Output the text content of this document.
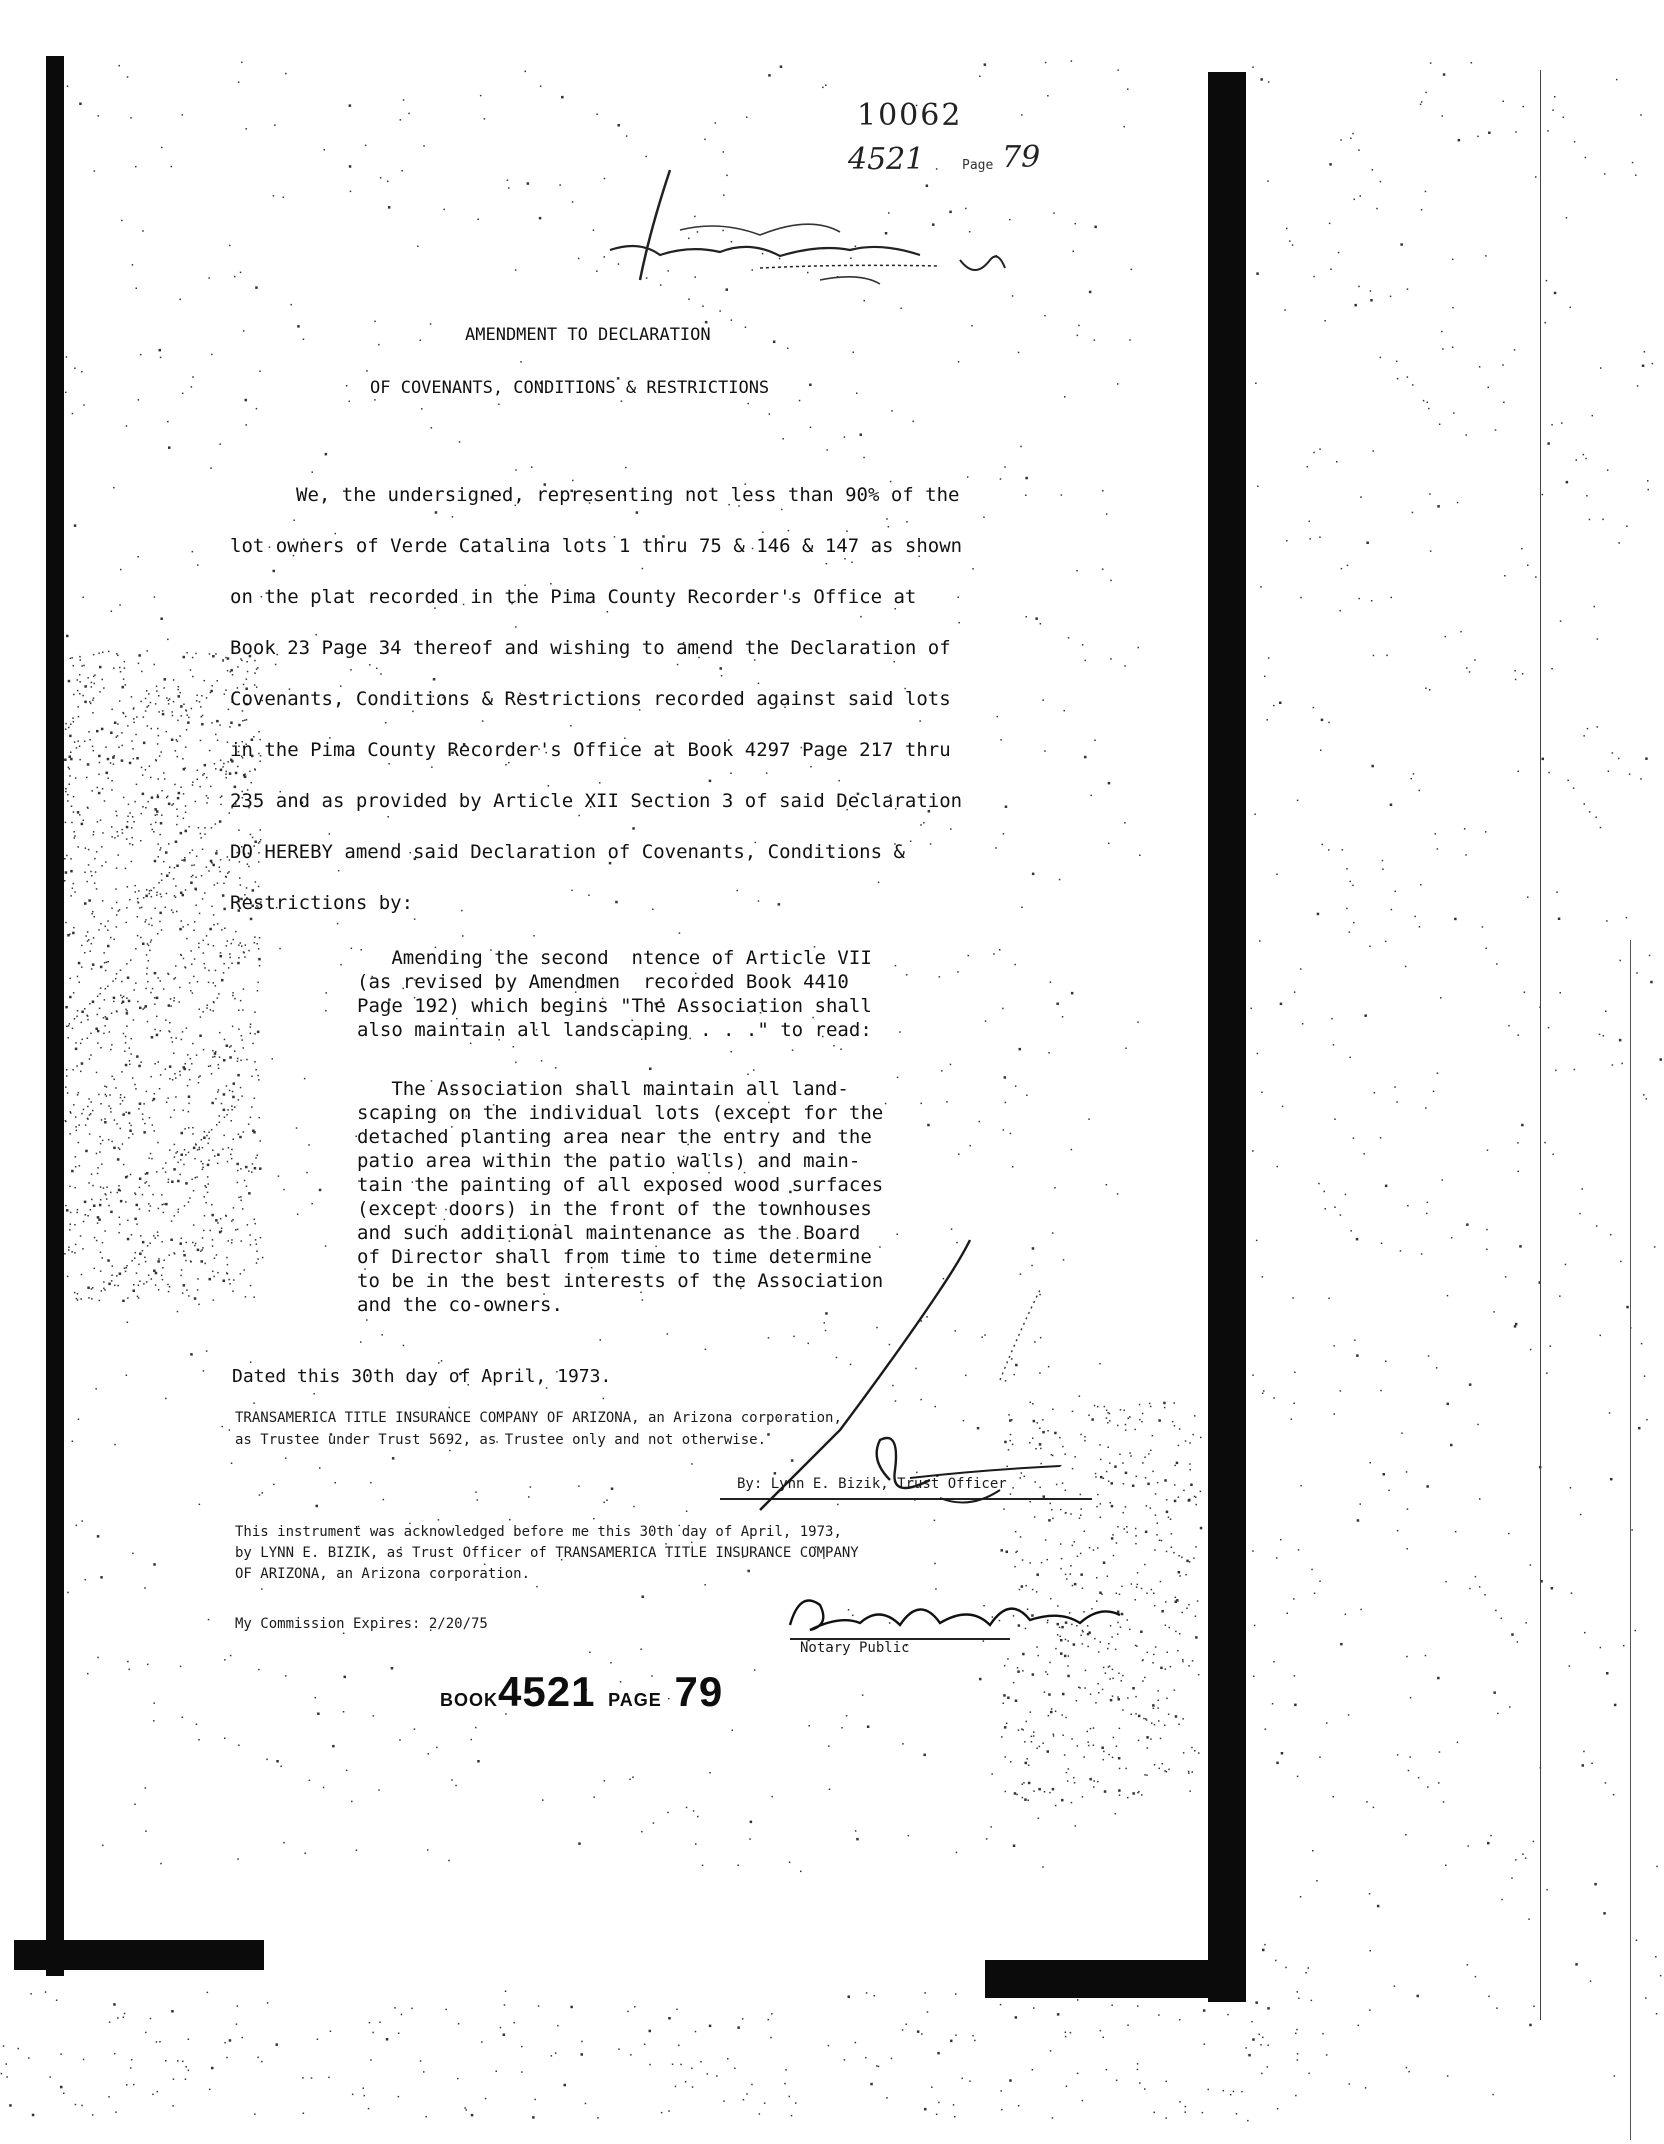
10062
4521	Page 79
AMENDMENT TO DECLARATION
OF COVENANTS, CONDITIONS & RESTRICTIONS
We, the undersigned, representing not less than 90% of the
lot owners of Verde Catalina lots 1 thru 75 & 146 & 147 as shown
on the plat recorded in the Pima County Recorder's Office at
Book 23 Page 34 thereof and wishing to amend the Declaration of
Covenants, Conditions & Restrictions recorded against said lots
in the Pima County Recorder's Office at Book 4297 Page 217 thru
235 and as provided by Article XII Section 3 of said Declaration
DO HEREBY amend said Declaration of Covenants, Conditions &
Restrictions by:
Amending the second  ntence of Article VII
(as revised by Amendmen  recorded Book 4410
Page 192) which begins "The Association shall
also maintain all landscaping . . ." to read:
The Association shall maintain all land-
scaping on the individual lots (except for the
detached planting area near the entry and the
patio area within the patio walls) and main-
tain the painting of all exposed wood surfaces
(except doors) in the front of the townhouses
and such additional maintenance as the Board
of Director shall from time to time determine
to be in the best interests of the Association
and the co-owners.
Dated this 30th day of April, 1973.
TRANSAMERICA TITLE INSURANCE COMPANY OF ARIZONA, an Arizona corporation,
as Trustee under Trust 5692, as Trustee only and not otherwise.
By: Lynn E. Bizik, Trust Officer
This instrument was acknowledged before me this 30th day of April, 1973,
by LYNN E. BIZIK, as Trust Officer of TRANSAMERICA TITLE INSURANCE COMPANY
OF ARIZONA, an Arizona corporation.
My Commission Expires: 2/20/75
Notary Public
BOOK4521 PAGE 79
